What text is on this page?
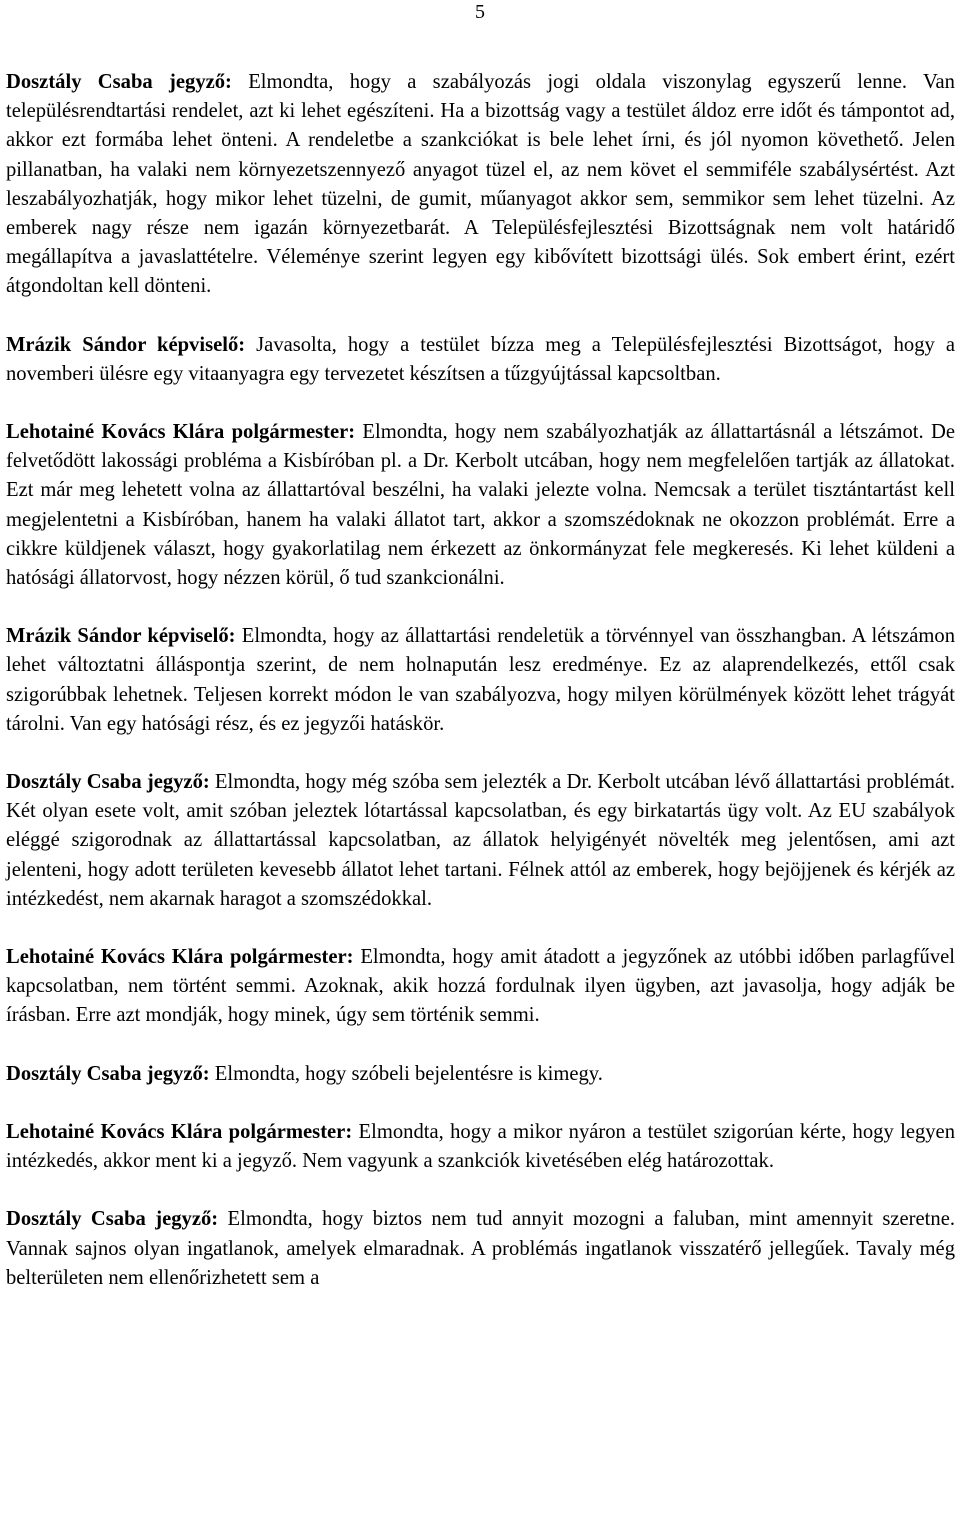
5

Dosztály Csaba jegyző: Elmondta, hogy a szabályozás jogi oldala viszonylag egyszerű lenne. Van településrendtartási rendelet, azt ki lehet egészíteni. Ha a bizottság vagy a testület áldoz erre időt és támpontot ad, akkor ezt formába lehet önteni. A rendeletbe a szankciókat is bele lehet írni, és jól nyomon követhető. Jelen pillanatban, ha valaki nem környezetszennyező anyagot tüzel el, az nem követ el semmiféle szabálysértést. Azt leszabályozhatják, hogy mikor lehet tüzelni, de gumit, műanyagot akkor sem, semmikor sem lehet tüzelni. Az emberek nagy része nem igazán környezetbarát. A Településfejlesztési Bizottságnak nem volt határidő megállapítva a javaslattételre. Véleménye szerint legyen egy kibővített bizottsági ülés. Sok embert érint, ezért átgondoltan kell dönteni.

Mrázik Sándor képviselő: Javasolta, hogy a testület bízza meg a Településfejlesztési Bizottságot, hogy a novemberi ülésre egy vitaanyagra egy tervezetet készítsen a tűzgyújtással kapcsoltban.

Lehotainé Kovács Klára polgármester: Elmondta, hogy nem szabályozhatják az állattartásnál a létszámot. De felvetődött lakossági probléma a Kisbíróban pl. a Dr. Kerbolt utcában, hogy nem megfelelően tartják az állatokat. Ezt már meg lehetett volna az állattartóval beszélni, ha valaki jelezte volna. Nemcsak a terület tisztántartást kell megjelentetni a Kisbíróban, hanem ha valaki állatot tart, akkor a szomszédoknak ne okozzon problémát. Erre a cikkre küldjenek választ, hogy gyakorlatilag nem érkezett az önkormányzat fele megkeresés. Ki lehet küldeni a hatósági állatorvost, hogy nézzen körül, ő tud szankcionálni.

Mrázik Sándor képviselő: Elmondta, hogy az állattartási rendeletük a törvénnyel van összhangban. A létszámon lehet változtatni álláspontja szerint, de nem holnapután lesz eredménye. Ez az alaprendelkezés, ettől csak szigorúbbak lehetnek. Teljesen korrekt módon le van szabályozva, hogy milyen körülmények között lehet trágyát tárolni. Van egy hatósági rész, és ez jegyzői hatáskör.

Dosztály Csaba jegyző: Elmondta, hogy még szóba sem jelezték a Dr. Kerbolt utcában lévő állattartási problémát. Két olyan esete volt, amit szóban jeleztek lótartással kapcsolatban, és egy birkatartás ügy volt. Az EU szabályok eléggé szigorodnak az állattartással kapcsolatban, az állatok helyigényét növelték meg jelentősen, ami azt jelenteni, hogy adott területen kevesebb állatot lehet tartani. Félnek attól az emberek, hogy bejöjjenek és kérjék az intézkedést, nem akarnak haragot a szomszédokkal.

Lehotainé Kovács Klára polgármester: Elmondta, hogy amit átadott a jegyzőnek az utóbbi időben parlagfűvel kapcsolatban, nem történt semmi. Azoknak, akik hozzá fordulnak ilyen ügyben, azt javasolja, hogy adják be írásban. Erre azt mondják, hogy minek, úgy sem történik semmi.

Dosztály Csaba jegyző: Elmondta, hogy szóbeli bejelentésre is kimegy.

Lehotainé Kovács Klára polgármester: Elmondta, hogy a mikor nyáron a testület szigorúan kérte, hogy legyen intézkedés, akkor ment ki a jegyző. Nem vagyunk a szankciók kivetésében elég határozottak.

Dosztály Csaba jegyző: Elmondta, hogy biztos nem tud annyit mozogni a faluban, mint amennyit szeretne. Vannak sajnos olyan ingatlanok, amelyek elmaradnak. A problémás ingatlanok visszatérő jellegűek. Tavaly még belterületen nem ellenőrizhetett sem a
